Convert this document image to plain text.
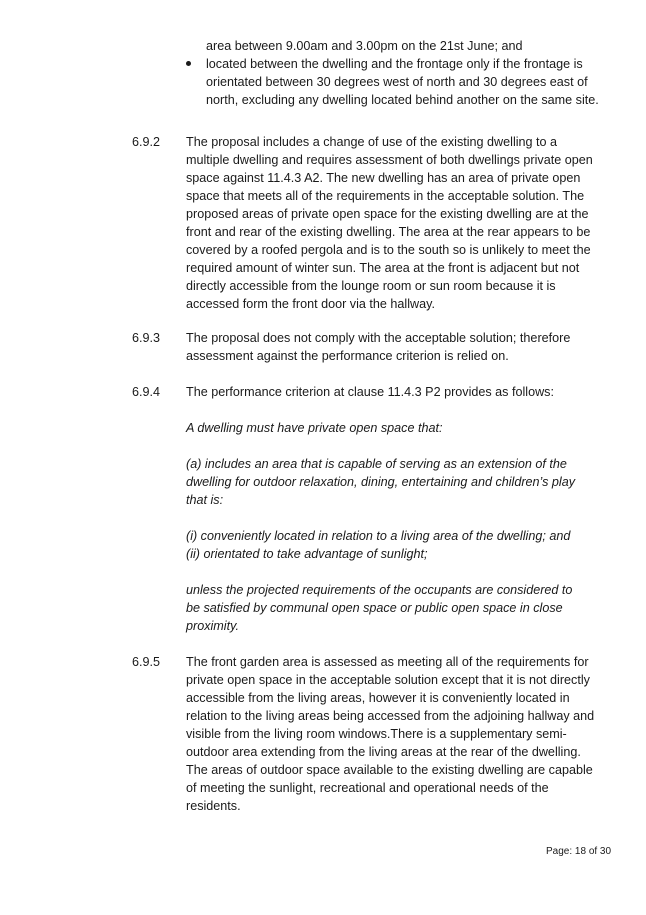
area between 9.00am and 3.00pm on the 21st June; and
located between the dwelling and the frontage only if the frontage is
orientated between 30 degrees west of north and 30 degrees east of
north, excluding any dwelling located behind another on the same site.
6.9.2 The proposal includes a change of use of the existing dwelling to a
multiple dwelling and requires assessment of both dwellings private open
space against 11.4.3 A2. The new dwelling has an area of private open
space that meets all of the requirements in the acceptable solution. The
proposed areas of private open space for the existing dwelling are at the
front and rear of the existing dwelling. The area at the rear appears to be
covered by a roofed pergola and is to the south so is unlikely to meet the
required amount of winter sun. The area at the front is adjacent but not
directly accessible from the lounge room or sun room because it is
accessed form the front door via the hallway.
6.9.3 The proposal does not comply with the acceptable solution; therefore
assessment against the performance criterion is relied on.
6.9.4 The performance criterion at clause 11.4.3 P2 provides as follows:
A dwelling must have private open space that:
(a) includes an area that is capable of serving as an extension of the
dwelling for outdoor relaxation, dining, entertaining and children’s play
that is:
(i) conveniently located in relation to a living area of the dwelling; and
(ii) orientated to take advantage of sunlight;
unless the projected requirements of the occupants are considered to
be satisfied by communal open space or public open space in close
proximity.
6.9.5 The front garden area is assessed as meeting all of the requirements for
private open space in the acceptable solution except that it is not directly
accessible from the living areas, however it is conveniently located in
relation to the living areas being accessed from the adjoining hallway and
visible from the living room windows.There is a supplementary semi-
outdoor area extending from the living areas at the rear of the dwelling.
The areas of outdoor space available to the existing dwelling are capable
of meeting the sunlight, recreational and operational needs of the
residents.
Page: 18 of 30
